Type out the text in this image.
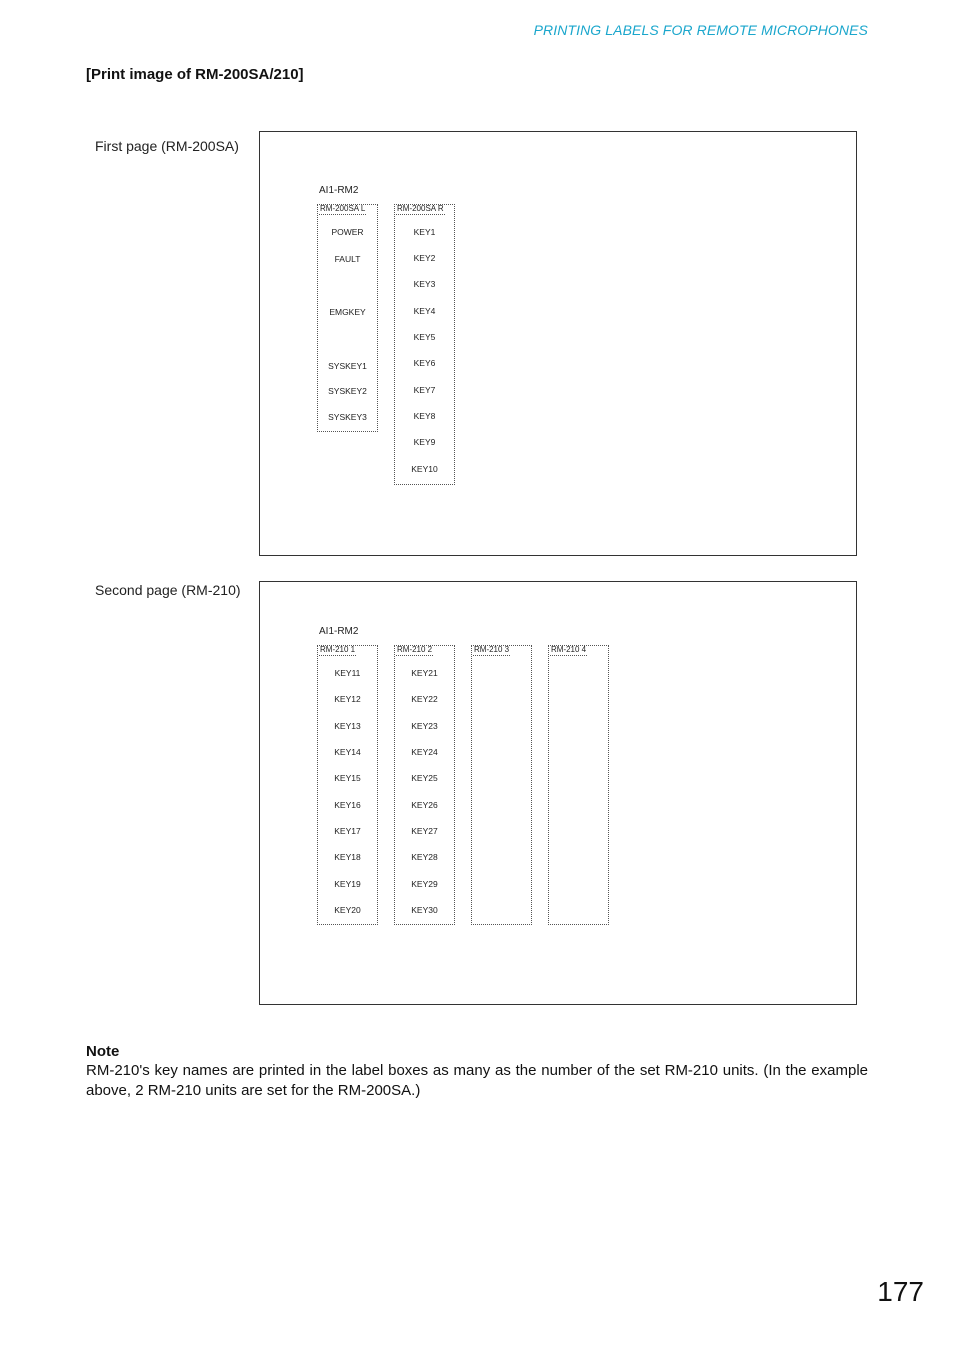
PRINTING LABELS FOR REMOTE MICROPHONES
[Print image of RM-200SA/210]
First page (RM-200SA)
AI1-RM2
RM-200SA L
POWER
FAULT
EMGKEY
SYSKEY1
SYSKEY2
SYSKEY3
RM-200SA R
KEY1
KEY2
KEY3
KEY4
KEY5
KEY6
KEY7
KEY8
KEY9
KEY10
Second page (RM-210)
AI1-RM2
RM-210 1
KEY11
KEY12
KEY13
KEY14
KEY15
KEY16
KEY17
KEY18
KEY19
KEY20
RM-210 2
KEY21
KEY22
KEY23
KEY24
KEY25
KEY26
KEY27
KEY28
KEY29
KEY30
RM-210 3	RM-210 4
Note
RM-210's key names are printed in the label boxes as many as the number of the set RM-210 units. (In the example above, 2 RM-210 units are set for the RM-200SA.)
177
